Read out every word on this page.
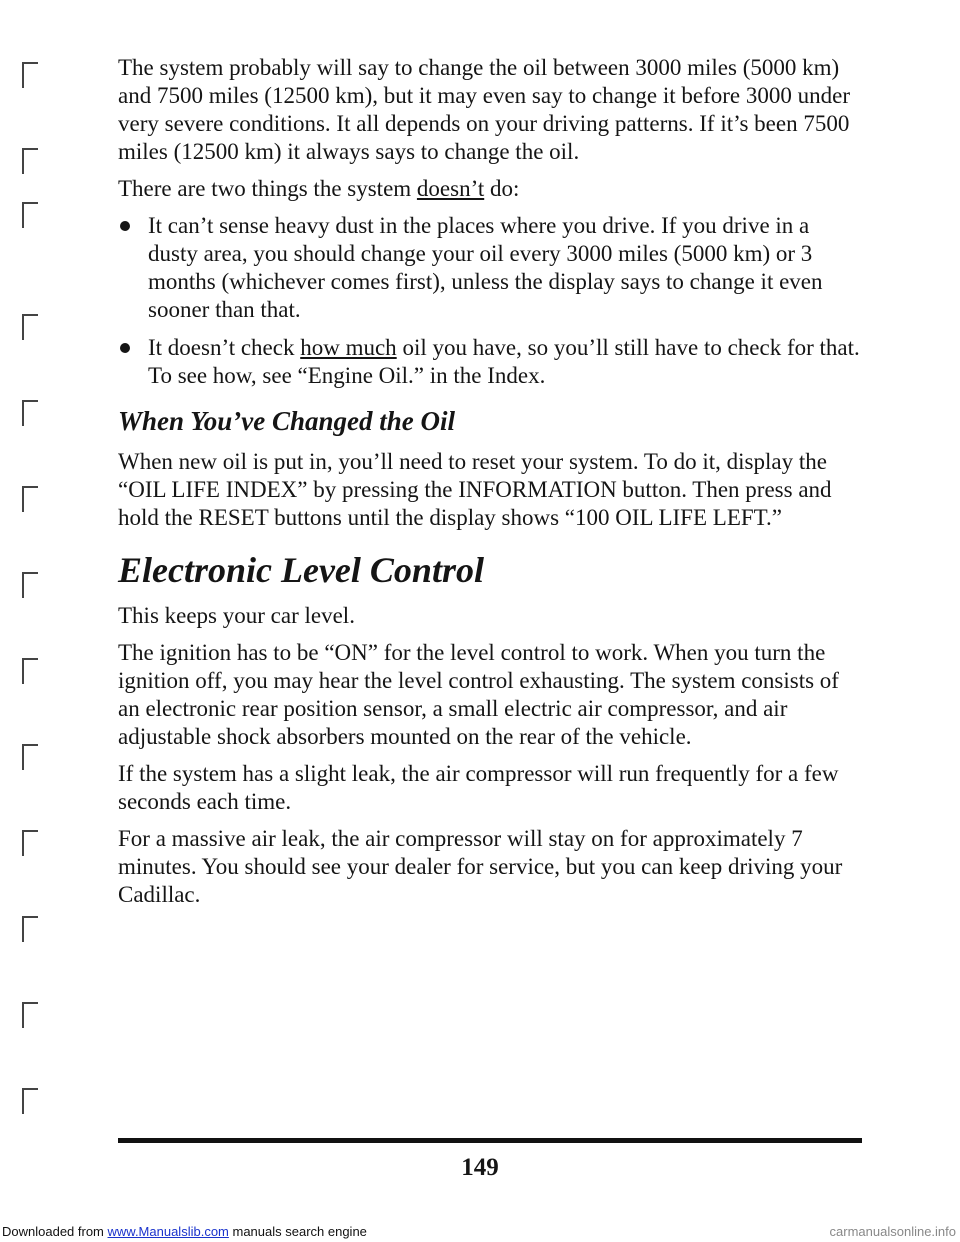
The system probably will say to change the oil between 3000 miles (5000 km) and 7500 miles (12500 km), but it may even say to change it before 3000 under very severe conditions. It all depends on your driving patterns. If it’s been 7500 miles (12500 km) it always says to change the oil.

There are two things the system doesn’t do:

It can’t sense heavy dust in the places where you drive. If you drive in a dusty area, you should change your oil every 3000 miles (5000 km) or 3 months (whichever comes first), unless the display says to change it even sooner than that.
It doesn’t check how much oil you have, so you’ll still have to check for that. To see how, see “Engine Oil.” in the Index.
When You’ve Changed the Oil

When new oil is put in, you’ll need to reset your system. To do it, display the “OIL LIFE INDEX” by pressing the INFORMATION button. Then press and hold the RESET buttons until the display shows “100 OIL LIFE LEFT.”

Electronic Level Control

This keeps your car level.

The ignition has to be “ON” for the level control to work. When you turn the ignition off, you may hear the level control exhausting. The system consists of an electronic rear position sensor, a small electric air compressor, and air adjustable shock absorbers mounted on the rear of the vehicle.

If the system has a slight leak, the air compressor will run frequently for a few seconds each time.

For a massive air leak, the air compressor will stay on for approximately 7 minutes. You should see your dealer for service, but you can keep driving your Cadillac.

149
Downloaded from www.Manualslib.com manuals search engine	carmanualsonline.info
